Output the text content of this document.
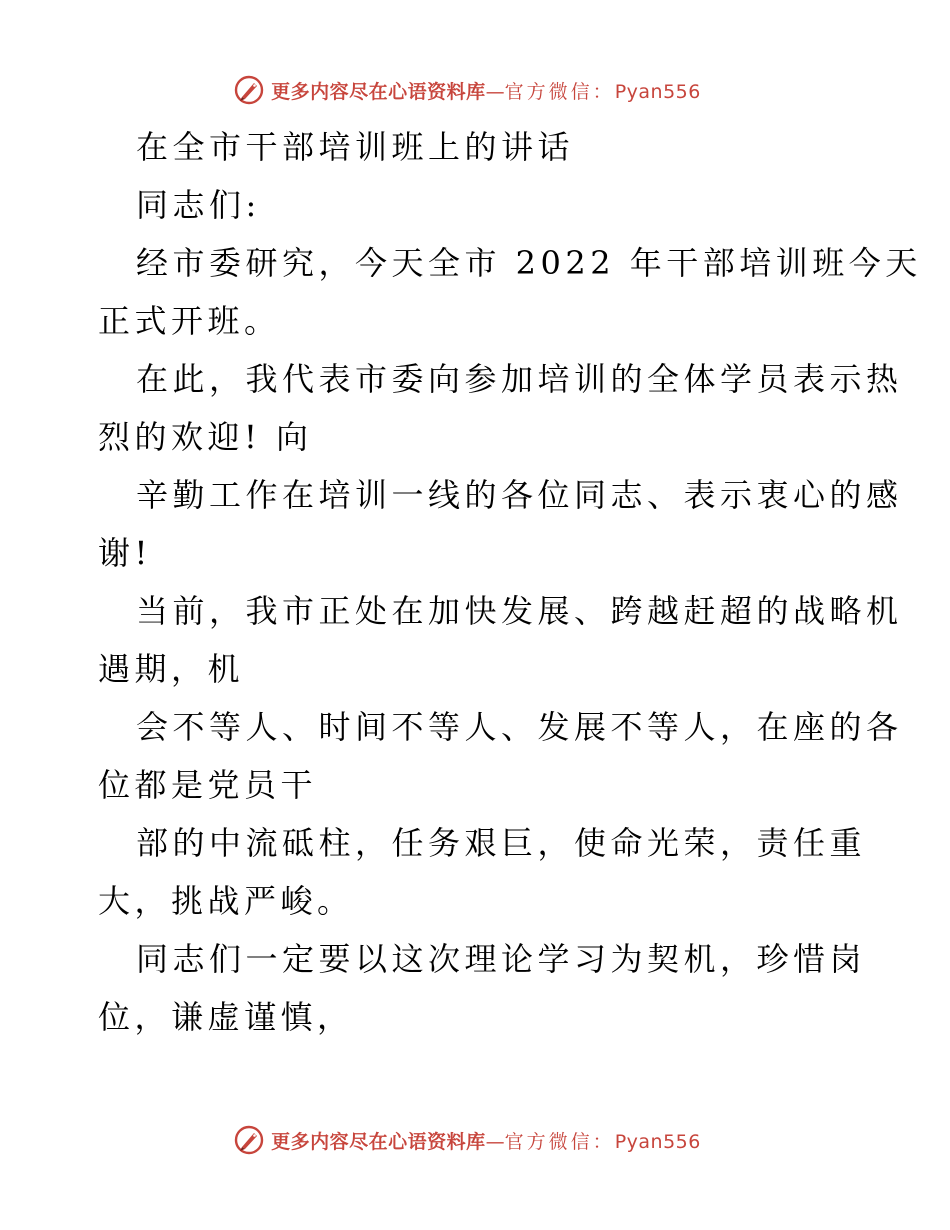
更多内容尽在心语资料库—官方微信：Pyan556
在全市干部培训班上的讲话
同志们:
经市委研究，今天全市 2022 年干部培训班今天
正式开班。
在此，我代表市委向参加培训的全体学员表示热
烈的欢迎! 向
辛勤工作在培训一线的各位同志、表示衷心的感
谢!
当前，我市正处在加快发展、跨越赶超的战略机
遇期，机
会不等人、时间不等人、发展不等人，在座的各
位都是党员干
部的中流砥柱，任务艰巨，使命光荣，责任重
大，挑战严峻。
同志们一定要以这次理论学习为契机，珍惜岗
位，谦虚谨慎，
更多内容尽在心语资料库—官方微信：Pyan556
